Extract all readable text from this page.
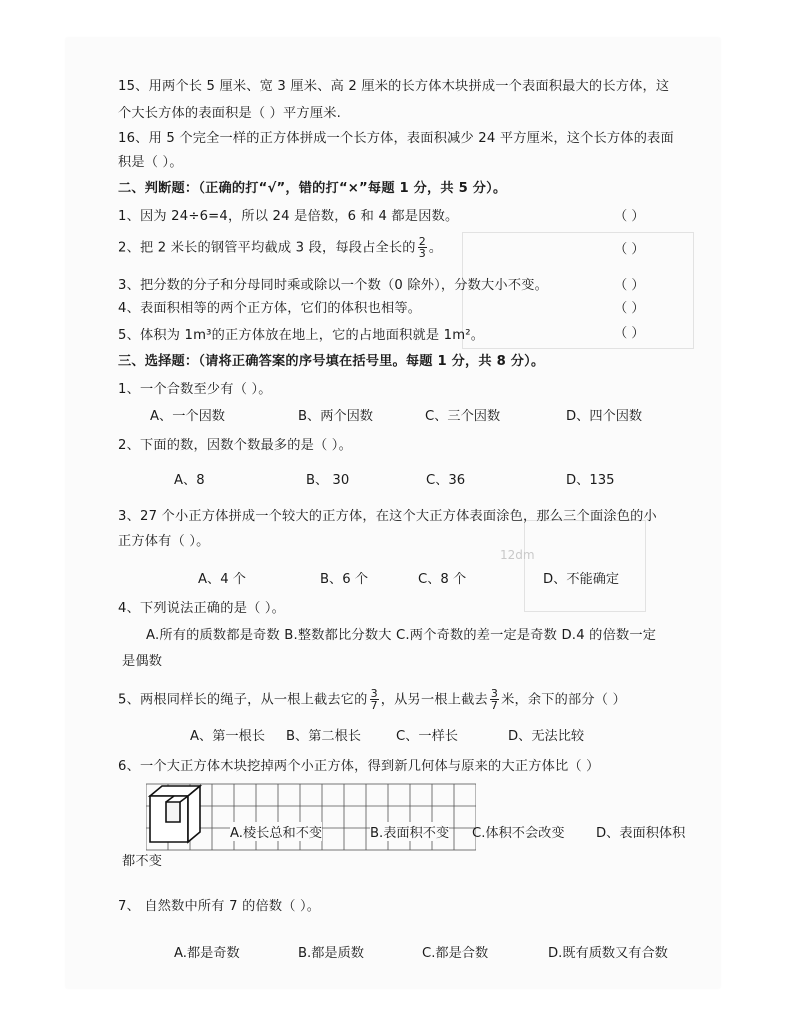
12dm
15、用两个长 5 厘米、宽 3 厘米、高 2 厘米的长方体木块拼成一个表面积最大的长方体，这
个大长方体的表面积是（ ）平方厘米.
16、用 5 个完全一样的正方体拼成一个长方体，表面积减少 24 平方厘米，这个长方体的表面
积是（ ）。
二、判断题：（正确的打“√”，错的打“×”每题 1 分，共 5 分）。
1、因为 24÷6=4，所以 24 是倍数，6 和 4 都是因数。	（ ）
2、把 2 米长的钢管平均截成 3 段，每段占全长的 $\frac{2}{3}$ 。	（ ）
3、把分数的分子和分母同时乘或除以一个数（0 除外），分数大小不变。	（ ）
4、表面积相等的两个正方体，它们的体积也相等。	（ ）
5、体积为 1m³的正方体放在地上，它的占地面积就是 1m²。	（ ）
三、选择题：（请将正确答案的序号填在括号里。每题 1 分，共 8 分）。
1、一个合数至少有（ ）。
A、一个因数	B、两个因数	C、三个因数	D、四个因数
2、下面的数，因数个数最多的是（ ）。
A、8	B、 30	C、36	D、135
3、27 个小正方体拼成一个较大的正方体，在这个大正方体表面涂色，那么三个面涂色的小
正方体有（ ）。
A、4 个	B、6 个	C、8 个	D、不能确定
4、下列说法正确的是（ ）。
A.所有的质数都是奇数 B.整数都比分数大 C.两个奇数的差一定是奇数 D.4 的倍数一定
是偶数
5、两根同样长的绳子，从一根上截去它的 $\frac{3}{7}$ ，从另一根上截去 $\frac{3}{7}$ 米，余下的部分（ ）
A、第一根长 B、第二根长	C、一样长	D、无法比较
6、一个大正方体木块挖掉两个小正方体，得到新几何体与原来的大正方体比（ ）
A.棱长总和不变	B.表面积不变 C.体积不会改变 D、表面积体积
都不变
7、 自然数中所有 7 的倍数（ ）。
A.都是奇数	B.都是质数	C.都是合数	D.既有质数又有合数
